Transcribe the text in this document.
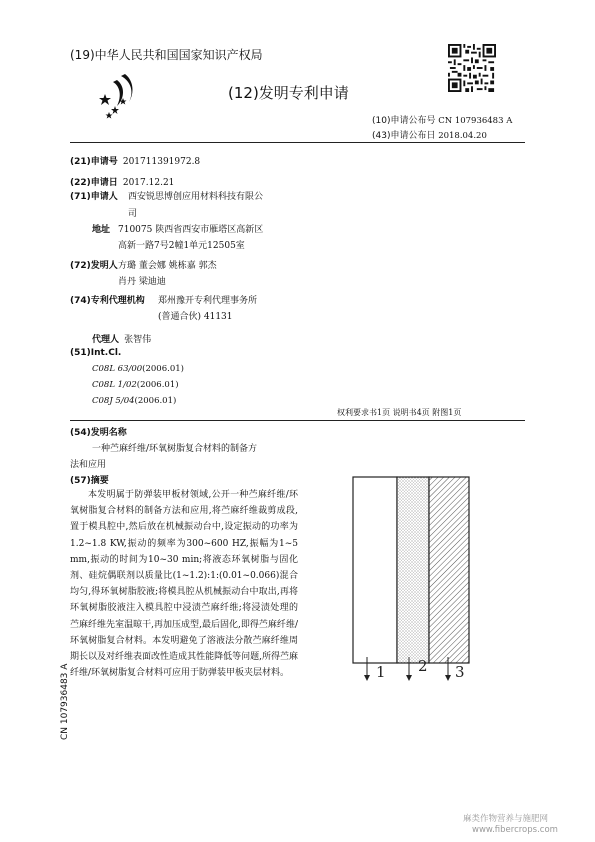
(19)中华人民共和国国家知识产权局
(12)发明专利申请
(10)申请公布号 CN 107936483 A
(43)申请公布日 2018.04.20
(21)申请号 201711391972.8
(22)申请日 2017.12.21
(71)申请人 西安锐思博创应用材料科技有限公
司
地址 710075 陕西省西安市雁塔区高新区
高新一路7号2幢1单元12505室
(72)发明人 方璐 董会娜 姚栋嘉 郭杰
肖丹 梁迪迪
(74)专利代理机构 郑州豫开专利代理事务所
(普通合伙) 41131
代理人 张智伟
(51)Int.Cl.
C08L 63/00(2006.01)
C08L 1/02(2006.01)
C08J 5/04(2006.01)
权利要求书1页 说明书4页 附图1页
(54)发明名称
一种苎麻纤维/环氧树脂复合材料的制备方
法和应用
(57)摘要
本发明属于防弹装甲板材领域,公开一种苎麻纤维/环氧树脂复合材料的制备方法和应用,将苎麻纤维裁剪成段,置于模具腔中,然后放在机械振动台中,设定振动的功率为1.2~1.8 KW,振动的频率为300~600 HZ,振幅为1~5 mm,振动的时间为10~30 min;将液态环氧树脂与固化剂、硅烷偶联剂以质量比(1~1.2):1:(0.01~0.066)混合均匀,得环氧树脂胶液;将模具腔从机械振动台中取出,再将环氧树脂胶液注入模具腔中浸渍苎麻纤维;将浸渍处理的苎麻纤维先室温晾干,再加压成型,最后固化,即得苎麻纤维/环氧树脂复合材料。本发明避免了溶液法分散苎麻纤维周期长以及对纤维表面改性造成其性能降低等问题,所得苎麻纤维/环氧树脂复合材料可应用于防弹装甲板夹层材料。	1 2 3
CN 107936483 A
麻类作物营养与施肥网
www.fibercrops.com
